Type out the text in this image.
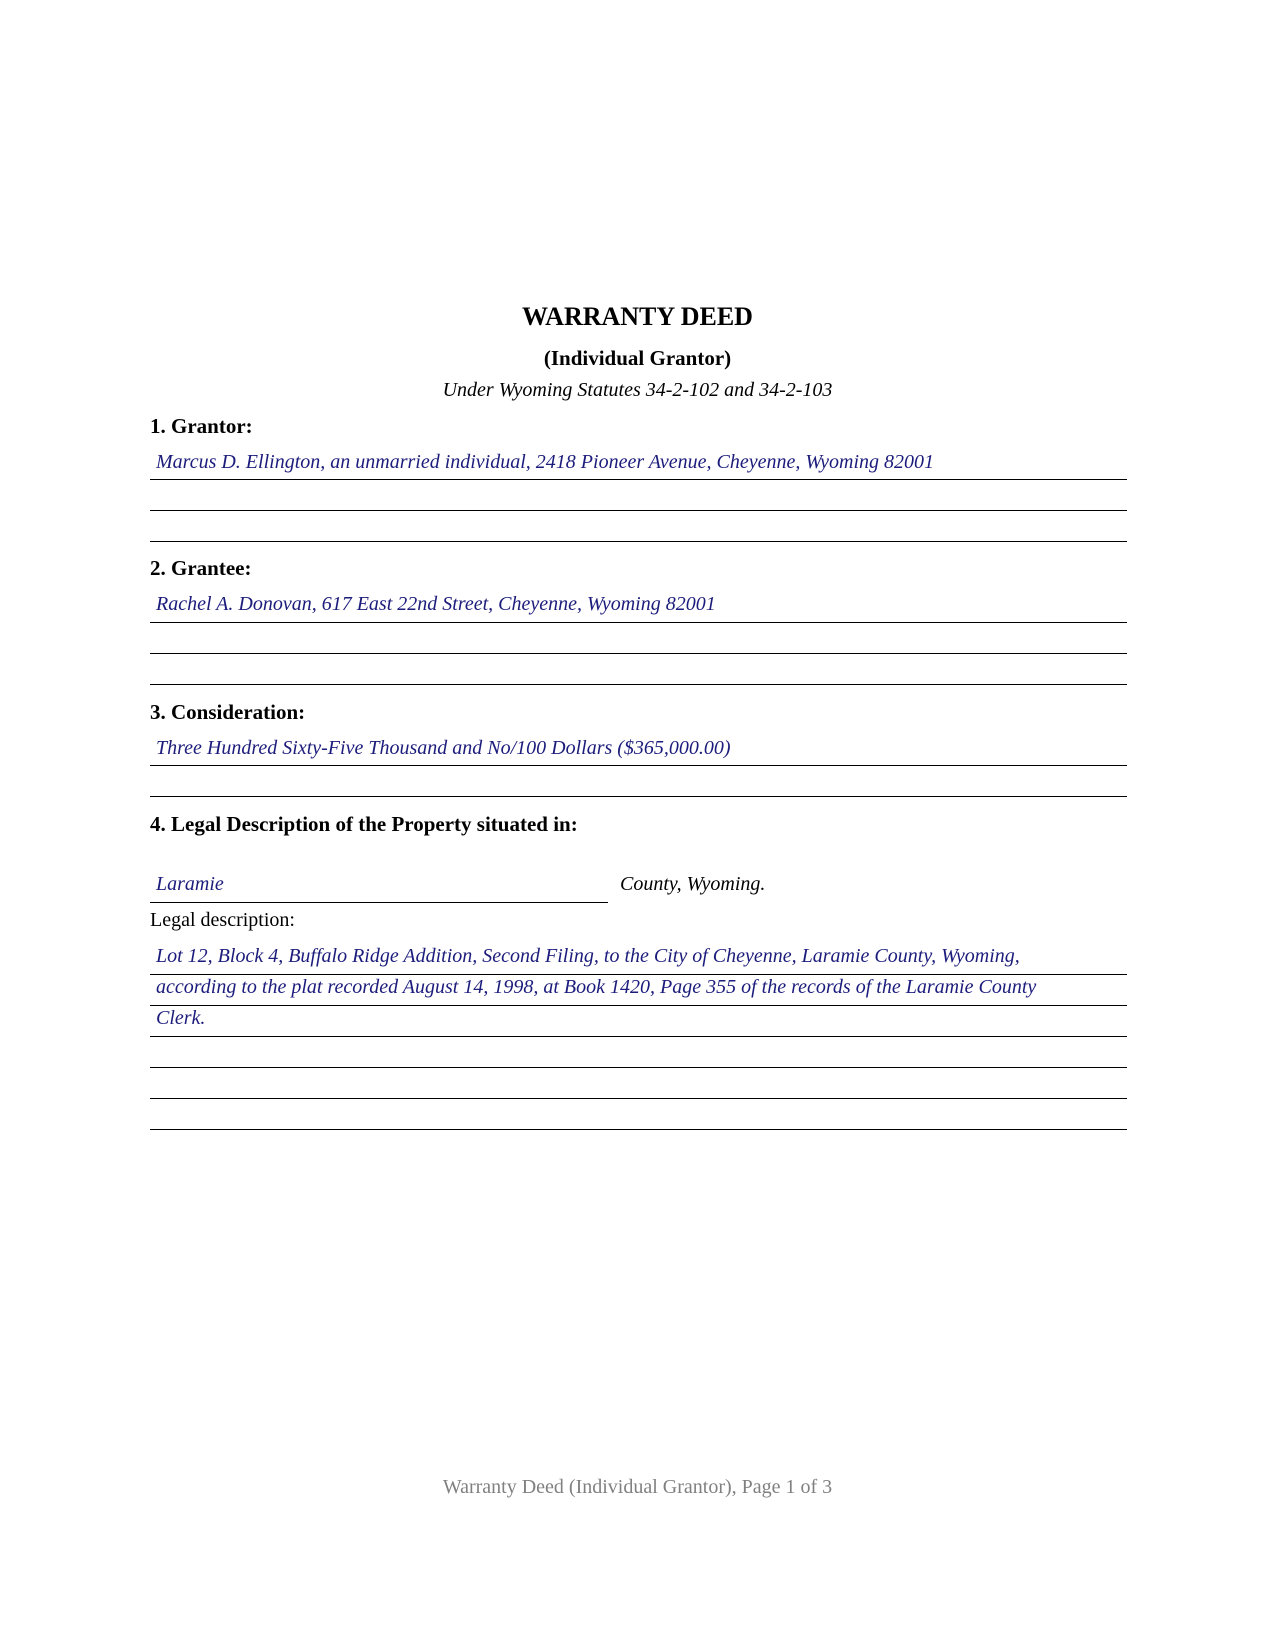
WARRANTY DEED
(Individual Grantor)
Under Wyoming Statutes 34-2-102 and 34-2-103
1. Grantor:
Marcus D. Ellington, an unmarried individual, 2418 Pioneer Avenue, Cheyenne, Wyoming 82001
2. Grantee:
Rachel A. Donovan, 617 East 22nd Street, Cheyenne, Wyoming 82001
3. Consideration:
Three Hundred Sixty-Five Thousand and No/100 Dollars ($365,000.00)
4. Legal Description of the Property situated in:
Laramie	County, Wyoming.
Legal description:
Lot 12, Block 4, Buffalo Ridge Addition, Second Filing, to the City of Cheyenne, Laramie County, Wyoming,
according to the plat recorded August 14, 1998, at Book 1420, Page 355 of the records of the Laramie County
Clerk.
Warranty Deed (Individual Grantor), Page 1 of 3
